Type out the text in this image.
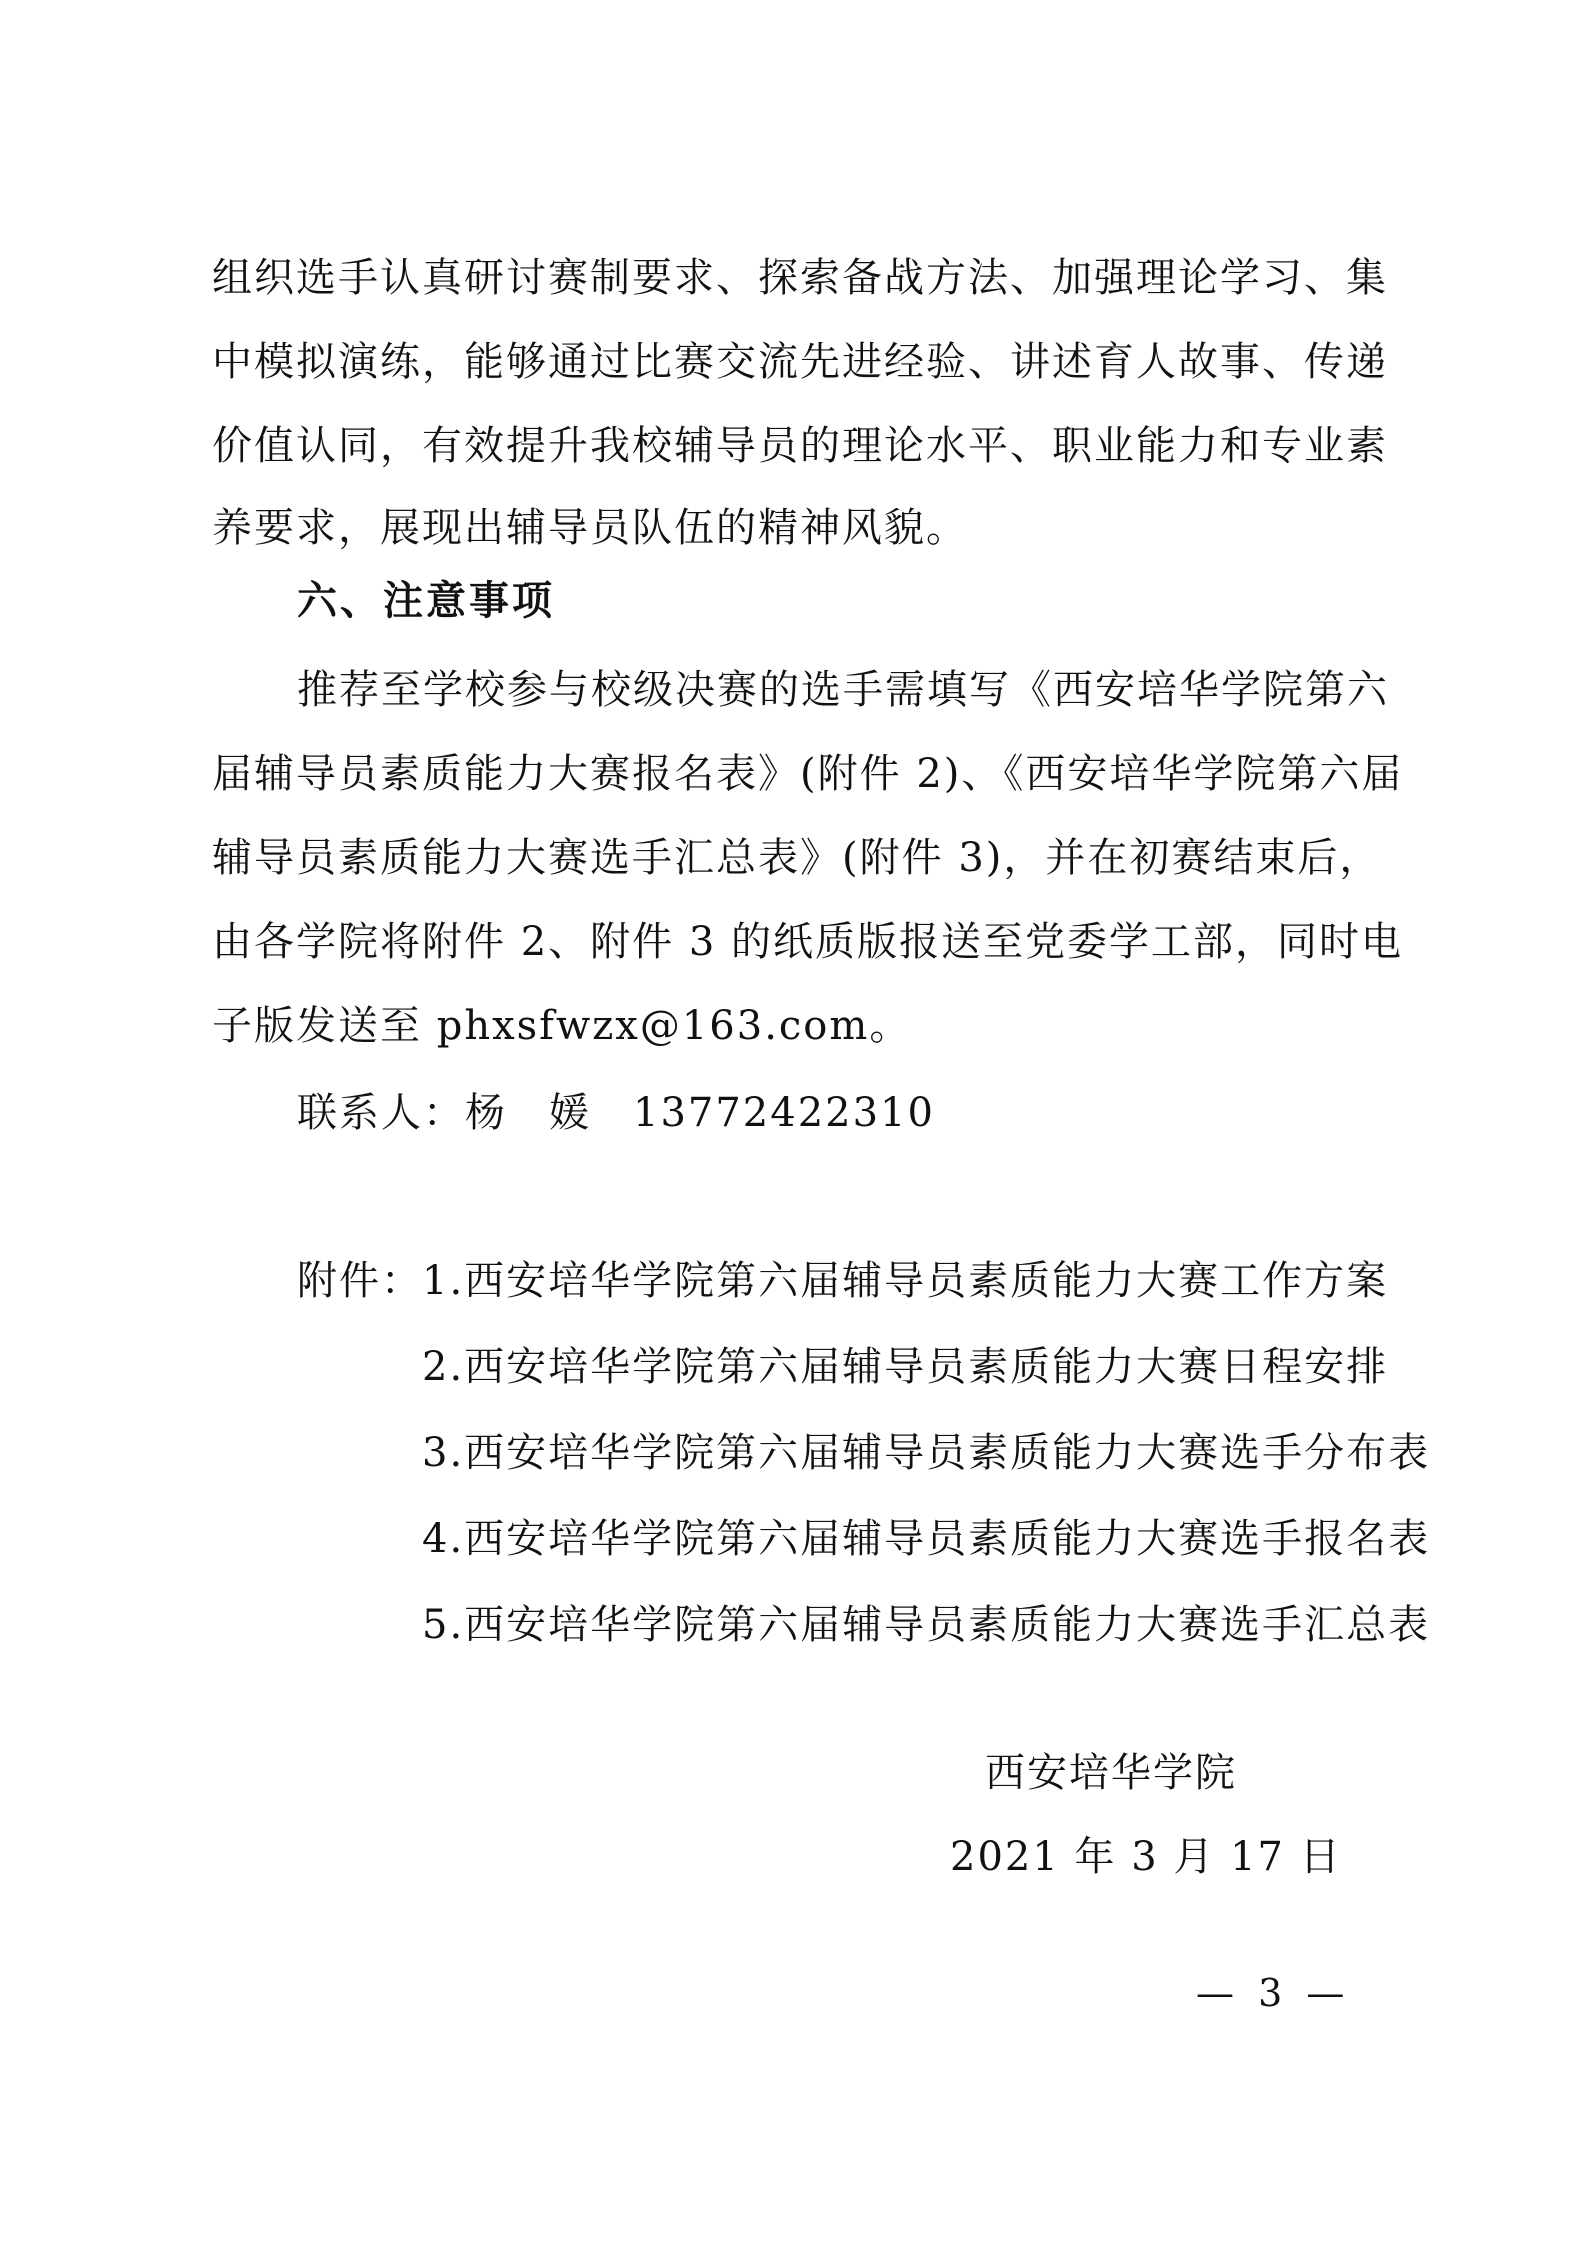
组织选手认真研讨赛制要求、探索备战方法、加强理论学习、集
中模拟演练，能够通过比赛交流先进经验、讲述育人故事、传递
价值认同，有效提升我校辅导员的理论水平、职业能力和专业素
养要求，展现出辅导员队伍的精神风貌。
六、注意事项
推荐至学校参与校级决赛的选手需填写《西安培华学院第六
届辅导员素质能力大赛报名表》(附件 2)、《西安培华学院第六届
辅导员素质能力大赛选手汇总表》(附件 3)，并在初赛结束后，
由各学院将附件 2、附件 3 的纸质版报送至党委学工部，同时电
子版发送至 phxsfwzx@163.com。
联系人：杨　媛　13772422310
附件： 1.西安培华学院第六届辅导员素质能力大赛工作方案
2.西安培华学院第六届辅导员素质能力大赛日程安排
3.西安培华学院第六届辅导员素质能力大赛选手分布表
4.西安培华学院第六届辅导员素质能力大赛选手报名表
5.西安培华学院第六届辅导员素质能力大赛选手汇总表
西安培华学院
2021 年 3 月 17 日
— 3 —
